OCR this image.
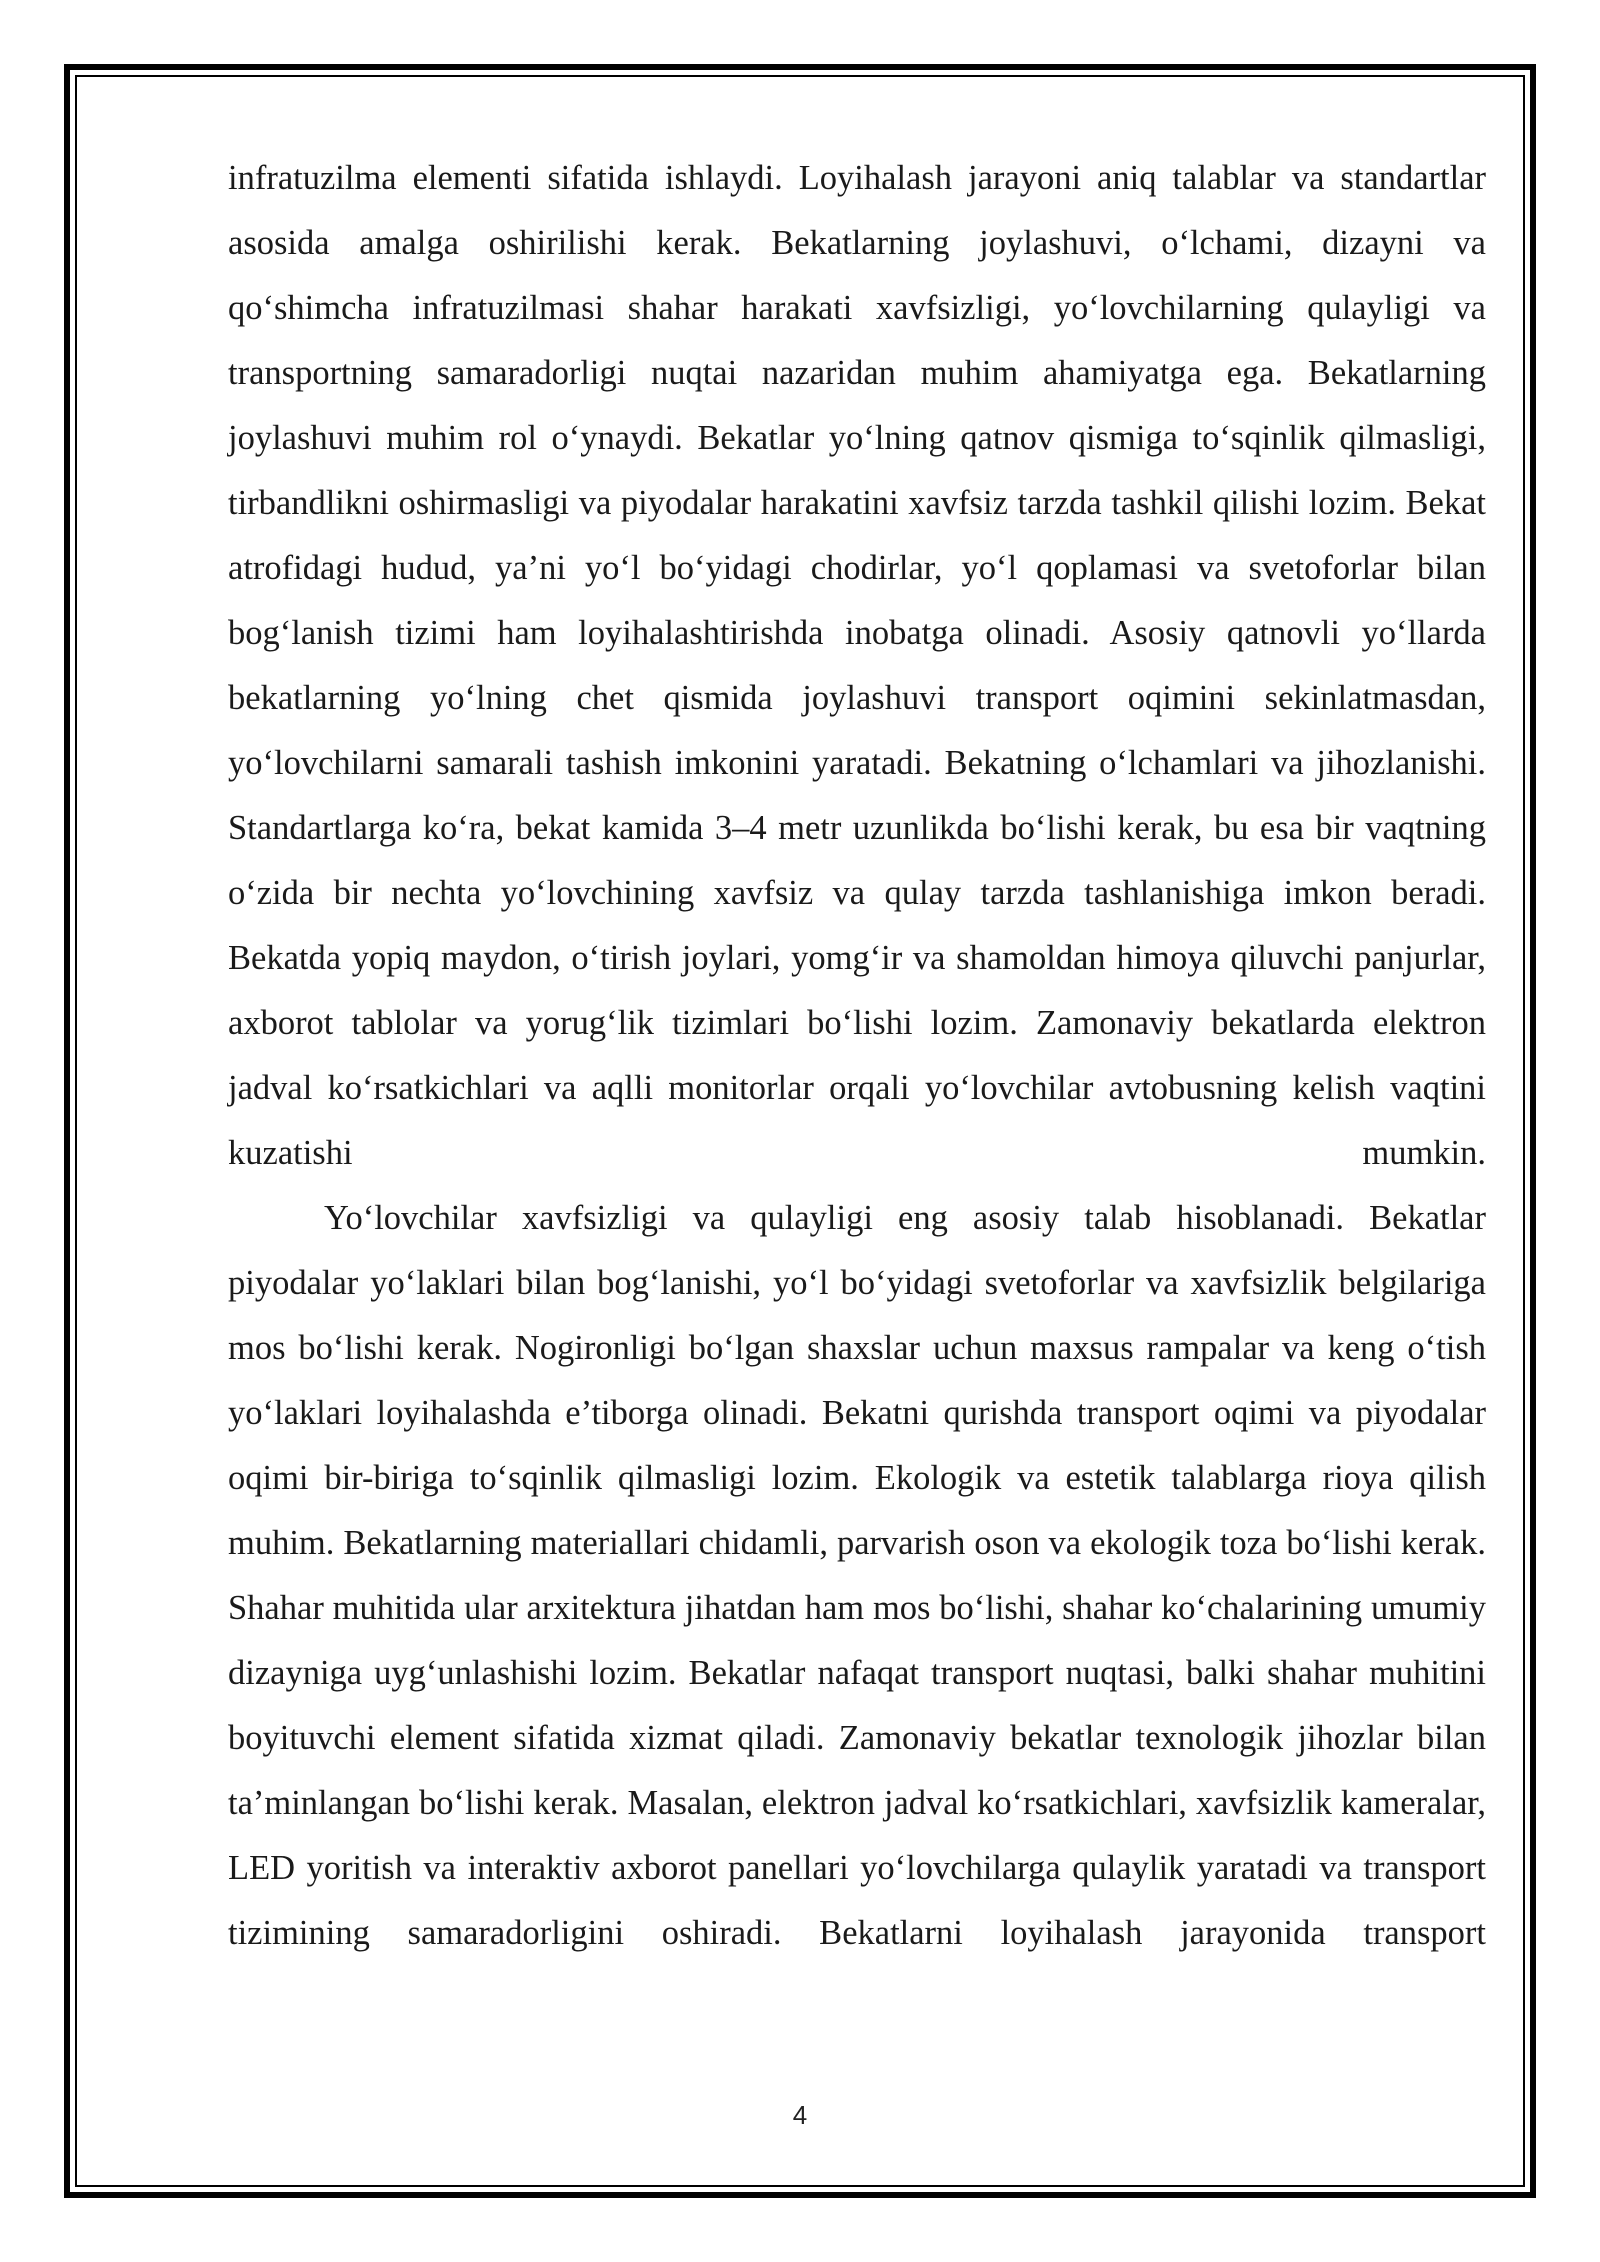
infratuzilma elementi sifatida ishlaydi. Loyihalash jarayoni aniq talablar va standartlar asosida amalga oshirilishi kerak. Bekatlarning joylashuvi, o‘lchami, dizayni va qo‘shimcha infratuzilmasi shahar harakati xavfsizligi, yo‘lovchilarning qulayligi va transportning samaradorligi nuqtai nazaridan muhim ahamiyatga ega. Bekatlarning joylashuvi muhim rol o‘ynaydi. Bekatlar yo‘lning qatnov qismiga to‘sqinlik qilmasligi, tirbandlikni oshirmasligi va piyodalar harakatini xavfsiz tarzda tashkil qilishi lozim. Bekat atrofidagi hudud, ya’ni yo‘l bo‘yidagi chodirlar, yo‘l qoplamasi va svetoforlar bilan bog‘lanish tizimi ham loyihalashtirishda inobatga olinadi. Asosiy qatnovli yo‘llarda bekatlarning yo‘lning chet qismida joylashuvi transport oqimini sekinlatmasdan, yo‘lovchilarni samarali tashish imkonini yaratadi. Bekatning o‘lchamlari va jihozlanishi. Standartlarga ko‘ra, bekat kamida 3–4 metr uzunlikda bo‘lishi kerak, bu esa bir vaqtning o‘zida bir nechta yo‘lovchining xavfsiz va qulay tarzda tashlanishiga imkon beradi. Bekatda yopiq maydon, o‘tirish joylari, yomg‘ir va shamoldan himoya qiluvchi panjurlar, axborot tablolar va yorug‘lik tizimlari bo‘lishi lozim. Zamonaviy bekatlarda elektron jadval ko‘rsatkichlari va aqlli monitorlar orqali yo‘lovchilar avtobusning kelish vaqtini kuzatishi mumkin.

Yo‘lovchilar xavfsizligi va qulayligi eng asosiy talab hisoblanadi. Bekatlar piyodalar yo‘laklari bilan bog‘lanishi, yo‘l bo‘yidagi svetoforlar va xavfsizlik belgilariga mos bo‘lishi kerak. Nogironligi bo‘lgan shaxslar uchun maxsus rampalar va keng o‘tish yo‘laklari loyihalashda e’tiborga olinadi. Bekatni qurishda transport oqimi va piyodalar oqimi bir-biriga to‘sqinlik qilmasligi lozim. Ekologik va estetik talablarga rioya qilish muhim. Bekatlarning materiallari chidamli, parvarish oson va ekologik toza bo‘lishi kerak. Shahar muhitida ular arxitektura jihatdan ham mos bo‘lishi, shahar ko‘chalarining umumiy dizayniga uyg‘unlashishi lozim. Bekatlar nafaqat transport nuqtasi, balki shahar muhitini boyituvchi element sifatida xizmat qiladi. Zamonaviy bekatlar texnologik jihozlar bilan ta’minlangan bo‘lishi kerak. Masalan, elektron jadval ko‘rsatkichlari, xavfsizlik kameralar, LED yoritish va interaktiv axborot panellari yo‘lovchilarga qulaylik yaratadi va transport tizimining samaradorligini oshiradi. Bekatlarni loyihalash jarayonida transport

4
